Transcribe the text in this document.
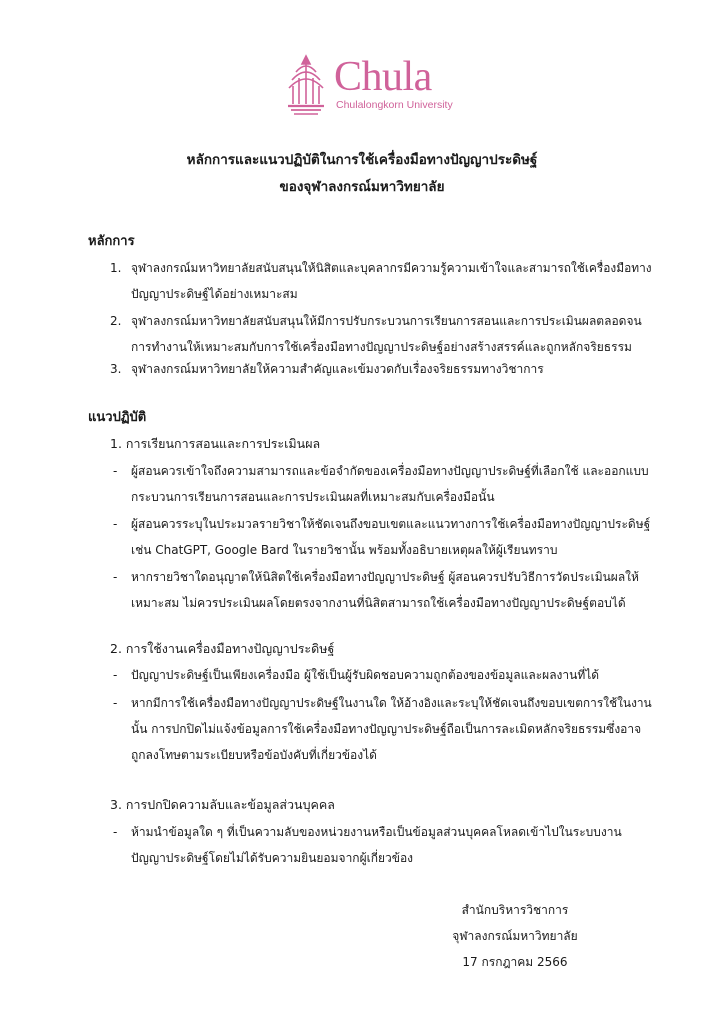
Chula
Chulalongkorn University
หลักการและแนวปฏิบัติในการใช้เครื่องมือทางปัญญาประดิษฐ์
ของจุฬาลงกรณ์มหาวิทยาลัย
หลักการ
1. จุฬาลงกรณ์มหาวิทยาลัยสนับสนุนให้นิสิตและบุคลากรมีความรู้ความเข้าใจและสามารถใช้เครื่องมือทาง
ปัญญาประดิษฐ์ได้อย่างเหมาะสม
2. จุฬาลงกรณ์มหาวิทยาลัยสนับสนุนให้มีการปรับกระบวนการเรียนการสอนและการประเมินผลตลอดจน
การทำงานให้เหมาะสมกับการใช้เครื่องมือทางปัญญาประดิษฐ์อย่างสร้างสรรค์และถูกหลักจริยธรรม
3. จุฬาลงกรณ์มหาวิทยาลัยให้ความสำคัญและเข้มงวดกับเรื่องจริยธรรมทางวิชาการ
แนวปฏิบัติ
1. การเรียนการสอนและการประเมินผล
- ผู้สอนควรเข้าใจถึงความสามารถและข้อจำกัดของเครื่องมือทางปัญญาประดิษฐ์ที่เลือกใช้ และออกแบบ
กระบวนการเรียนการสอนและการประเมินผลที่เหมาะสมกับเครื่องมือนั้น
- ผู้สอนควรระบุในประมวลรายวิชาให้ชัดเจนถึงขอบเขตและแนวทางการใช้เครื่องมือทางปัญญาประดิษฐ์
เช่น ChatGPT, Google Bard ในรายวิชานั้น พร้อมทั้งอธิบายเหตุผลให้ผู้เรียนทราบ
- หากรายวิชาใดอนุญาตให้นิสิตใช้เครื่องมือทางปัญญาประดิษฐ์ ผู้สอนควรปรับวิธีการวัดประเมินผลให้
เหมาะสม ไม่ควรประเมินผลโดยตรงจากงานที่นิสิตสามารถใช้เครื่องมือทางปัญญาประดิษฐ์ตอบได้
2. การใช้งานเครื่องมือทางปัญญาประดิษฐ์
- ปัญญาประดิษฐ์เป็นเพียงเครื่องมือ ผู้ใช้เป็นผู้รับผิดชอบความถูกต้องของข้อมูลและผลงานที่ได้
- หากมีการใช้เครื่องมือทางปัญญาประดิษฐ์ในงานใด ให้อ้างอิงและระบุให้ชัดเจนถึงขอบเขตการใช้ในงาน
นั้น การปกปิดไม่แจ้งข้อมูลการใช้เครื่องมือทางปัญญาประดิษฐ์ถือเป็นการละเมิดหลักจริยธรรมซึ่งอาจ
ถูกลงโทษตามระเบียบหรือข้อบังคับที่เกี่ยวข้องได้
3. การปกปิดความลับและข้อมูลส่วนบุคคล
- ห้ามนำข้อมูลใด ๆ ที่เป็นความลับของหน่วยงานหรือเป็นข้อมูลส่วนบุคคลโหลดเข้าไปในระบบงาน
ปัญญาประดิษฐ์โดยไม่ได้รับความยินยอมจากผู้เกี่ยวข้อง
สำนักบริหารวิชาการ
จุฬาลงกรณ์มหาวิทยาลัย
17 กรกฎาคม 2566
